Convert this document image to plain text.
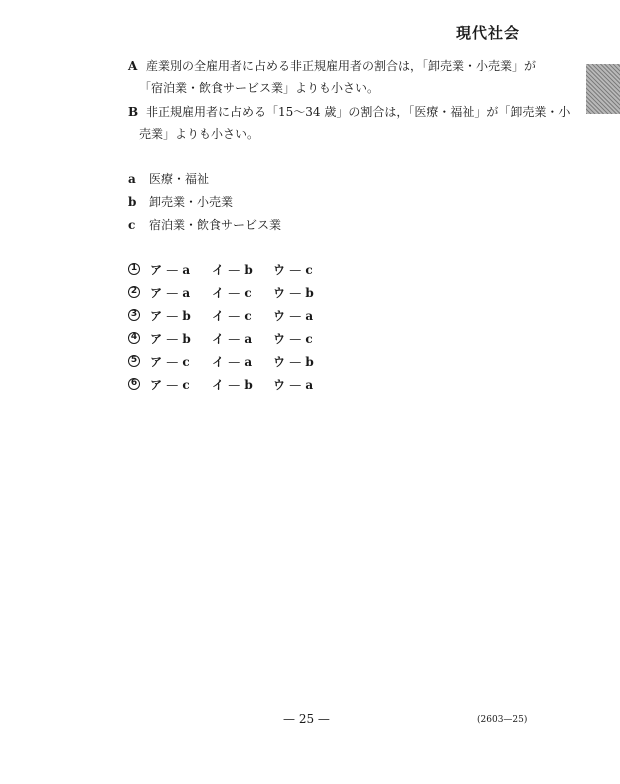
現代社会
A 産業別の全雇用者に占める非正規雇用者の割合は，「卸売業・小売業」が
「宿泊業・飲食サービス業」よりも小さい。
B 非正規雇用者に占める「15〜34 歳」の割合は，「医療・福祉」が「卸売業・小
売業」よりも小さい。
a 医療・福祉
b 卸売業・小売業
c 宿泊業・飲食サービス業
1 ア — a イ — b ウ — c
2 ア — a イ — c ウ — b
3 ア — b イ — c ウ — a
4 ア — b イ — a ウ — c
5 ア — c イ — a ウ — b
6 ア — c イ — b ウ — a
— 25 —	(2603—25)
